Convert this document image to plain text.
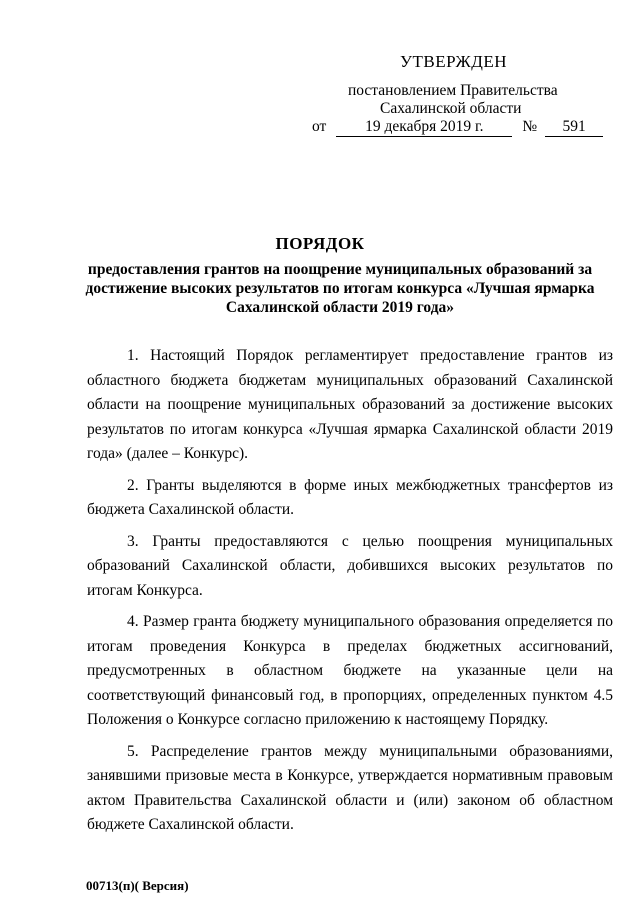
УТВЕРЖДЕН
постановлением Правительства
Сахалинской области
от	19 декабря 2019 г.	№	591
ПОРЯДОК
предоставления грантов на поощрение муниципальных образований за достижение высоких результатов по итогам конкурса «Лучшая ярмарка Сахалинской области 2019 года»

1. Настоящий Порядок регламентирует предоставление грантов из областного бюджета бюджетам муниципальных образований Сахалинской области на поощрение муниципальных образований за достижение высоких результатов по итогам конкурса «Лучшая ярмарка Сахалинской области 2019 года» (далее – Конкурс).

2. Гранты выделяются в форме иных межбюджетных трансфертов из бюджета Сахалинской области.

3. Гранты предоставляются с целью поощрения муниципальных образований Сахалинской области, добившихся высоких результатов по итогам Конкурса.

4. Размер гранта бюджету муниципального образования определяется по итогам проведения Конкурса в пределах бюджетных ассигнований, предусмотренных в областном бюджете на указанные цели на соответствующий финансовый год, в пропорциях, определенных пунктом 4.5 Положения о Конкурсе согласно приложению к настоящему Порядку.

5. Распределение грантов между муниципальными образованиями, занявшими призовые места в Конкурсе, утверждается нормативным правовым актом Правительства Сахалинской области и (или) законом об областном бюджете Сахалинской области.

00713(п)( Версия)
